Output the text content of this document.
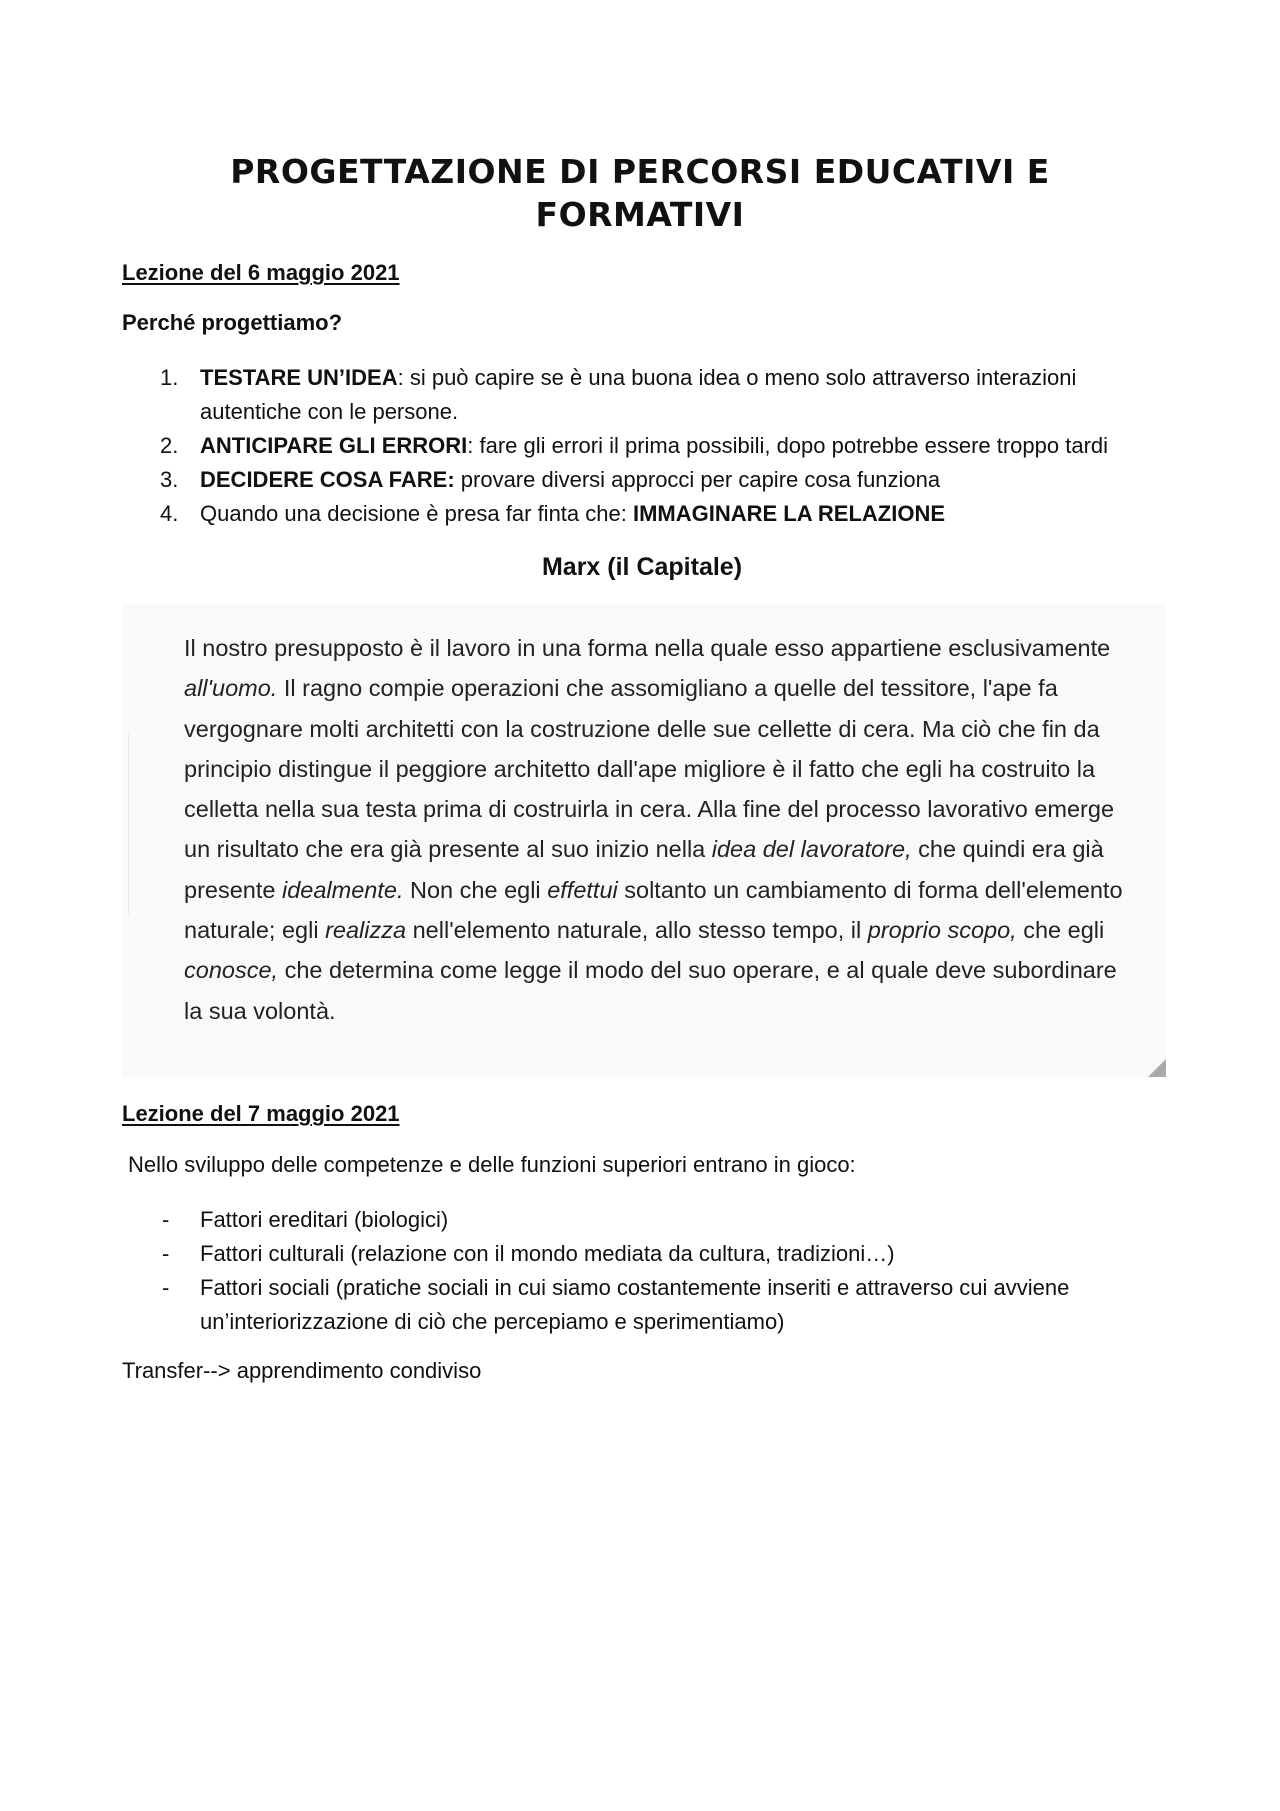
PROGETTAZIONE DI PERCORSI EDUCATIVI E FORMATIVI
Lezione del 6 maggio 2021
Perché progettiamo?
1. TESTARE UN’IDEA: si può capire se è una buona idea o meno solo attraverso interazioni autentiche con le persone.
2. ANTICIPARE GLI ERRORI: fare gli errori il prima possibili, dopo potrebbe essere troppo tardi
3. DECIDERE COSA FARE: provare diversi approcci per capire cosa funziona
4. Quando una decisione è presa far finta che: IMMAGINARE LA RELAZIONE
Marx (il Capitale)
Il nostro presupposto è il lavoro in una forma nella quale esso appartiene esclusivamente all'uomo. Il ragno compie operazioni che assomigliano a quelle del tessitore, l'ape fa vergognare molti architetti con la costruzione delle sue cellette di cera. Ma ciò che fin da principio distingue il peggiore architetto dall'ape migliore è il fatto che egli ha costruito la celletta nella sua testa prima di costruirla in cera. Alla fine del processo lavorativo emerge un risultato che era già presente al suo inizio nella idea del lavoratore, che quindi era già presente idealmente. Non che egli effettui soltanto un cambiamento di forma dell'elemento naturale; egli realizza nell'elemento naturale, allo stesso tempo, il proprio scopo, che egli conosce, che determina come legge il modo del suo operare, e al quale deve subordinare la sua volontà.
Lezione del 7 maggio 2021
Nello sviluppo delle competenze e delle funzioni superiori entrano in gioco:
- Fattori ereditari (biologici)
- Fattori culturali (relazione con il mondo mediata da cultura, tradizioni…)
- Fattori sociali (pratiche sociali in cui siamo costantemente inseriti e attraverso cui avviene un’interiorizzazione di ciò che percepiamo e sperimentiamo)
Transfer--> apprendimento condiviso
